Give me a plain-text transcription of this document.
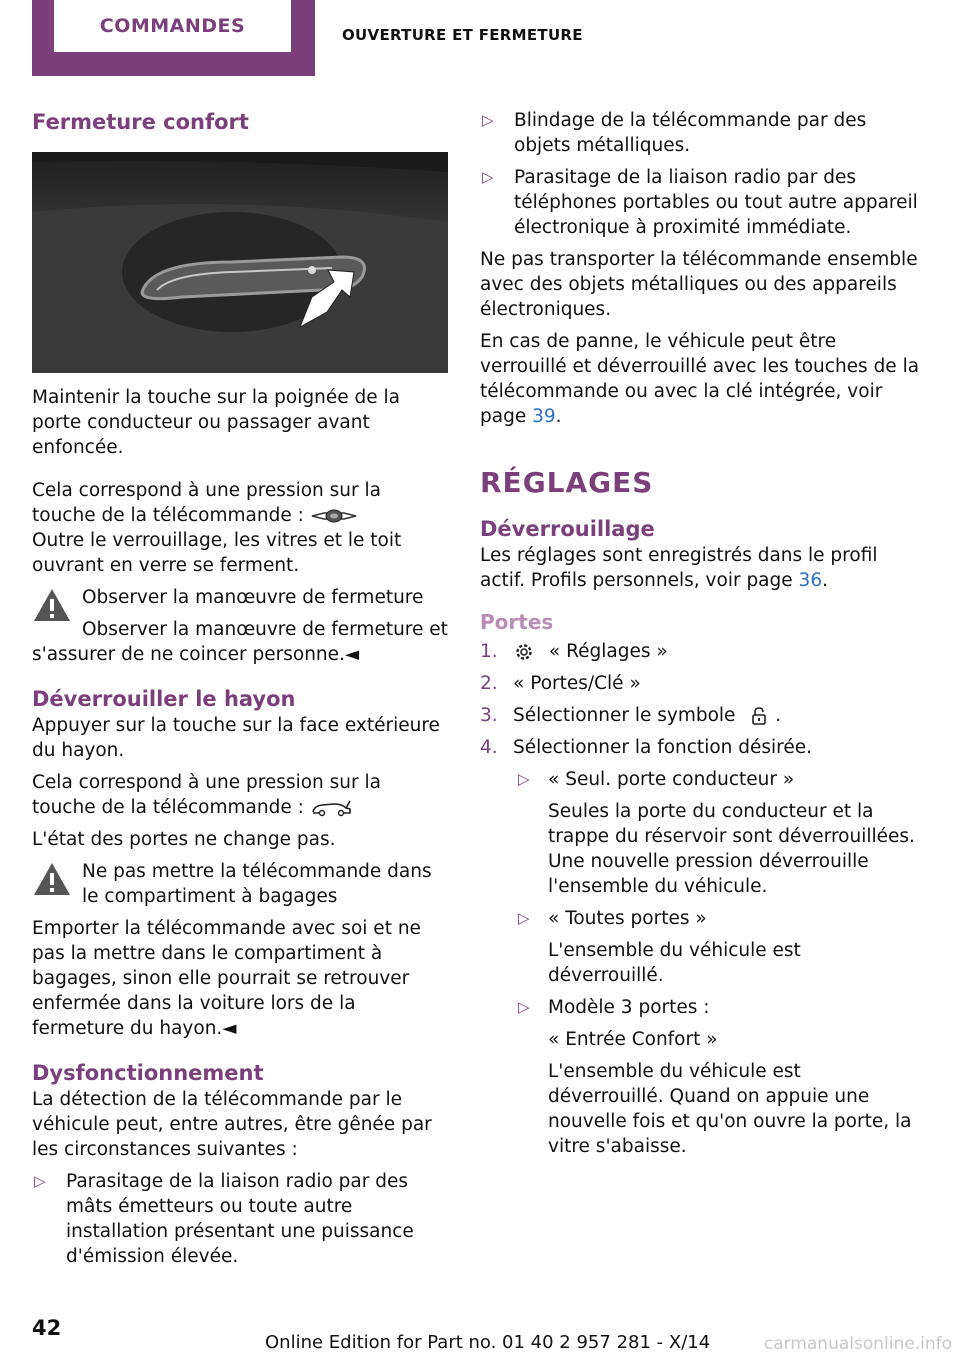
COMMANDES	OUVERTURE ET FERMETURE
Fermeture confort

Maintenir la touche sur la poignée de la porte conducteur ou passager avant enfoncée.

Cela correspond à une pression sur la touche de la télécommande :

Outre le verrouillage, les vitres et le toit ouvrant en verre se ferment.

Observer la manœuvre de fermeture

Observer la manœuvre de fermeture et s'assurer de ne coincer personne.◄

Déverrouiller le hayon

Appuyer sur la touche sur la face extérieure du hayon.

Cela correspond à une pression sur la touche de la télécommande :

L'état des portes ne change pas.

Ne pas mettre la télécommande dans le compartiment à bagages

Emporter la télécommande avec soi et ne pas la mettre dans le compartiment à bagages, sinon elle pourrait se retrouver enfermée dans la voiture lors de la fermeture du hayon.◄

Dysfonctionnement

La détection de la télécommande par le véhicule peut, entre autres, être gênée par les circonstances suivantes :

▷ Parasitage de la liaison radio par des mâts émetteurs ou toute autre installation présentant une puissance d'émission élevée.
▷ Blindage de la télécommande par des objets métalliques.
▷ Parasitage de la liaison radio par des téléphones portables ou tout autre appareil électronique à proximité immédiate.

Ne pas transporter la télécommande ensemble avec des objets métalliques ou des appareils électroniques.

En cas de panne, le véhicule peut être verrouillé et déverrouillé avec les touches de la télécommande ou avec la clé intégrée, voir page 39.

RÉGLAGES
Déverrouillage

Les réglages sont enregistrés dans le profil actif. Profils personnels, voir page 36.

Portes
1.	« Réglages »
2. « Portes/Clé »
3. Sélectionner le symbole  .
4. Sélectionner la fonction désirée.
▷ « Seul. porte conducteur »

Seules la porte du conducteur et la trappe du réservoir sont déverrouillées. Une nouvelle pression déverrouille l'ensemble du véhicule.

▷ « Toutes portes »

L'ensemble du véhicule est déverrouillé.

▷ Modèle 3 portes :

« Entrée Confort »

L'ensemble du véhicule est déverrouillé. Quand on appuie une nouvelle fois et qu'on ouvre la porte, la vitre s'abaisse.

42
Online Edition for Part no. 01 40 2 957 281 - X/14	carmanualsonline.info
